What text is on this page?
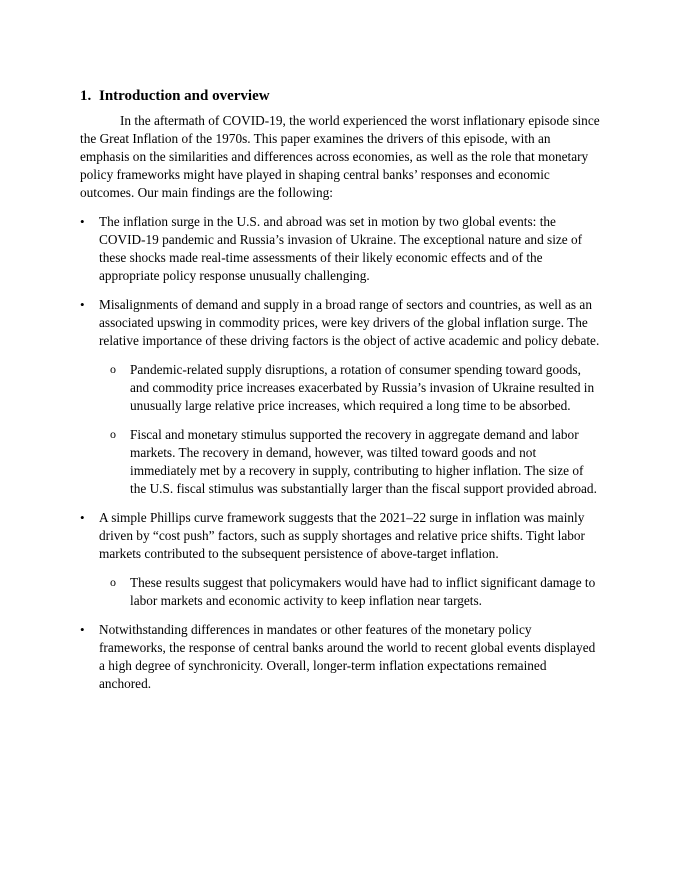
1. Introduction and overview

In the aftermath of COVID-19, the world experienced the worst inflationary episode since the Great Inflation of the 1970s. This paper examines the drivers of this episode, with an emphasis on the similarities and differences across economies, as well as the role that monetary policy frameworks might have played in shaping central banks’ responses and economic outcomes. Our main findings are the following:

• The inflation surge in the U.S. and abroad was set in motion by two global events: the COVID-19 pandemic and Russia’s invasion of Ukraine. The exceptional nature and size of these shocks made real-time assessments of their likely economic effects and of the appropriate policy response unusually challenging.
• Misalignments of demand and supply in a broad range of sectors and countries, as well as an associated upswing in commodity prices, were key drivers of the global inflation surge. The relative importance of these driving factors is the object of active academic and policy debate.
o Pandemic-related supply disruptions, a rotation of consumer spending toward goods, and commodity price increases exacerbated by Russia’s invasion of Ukraine resulted in unusually large relative price increases, which required a long time to be absorbed.
o Fiscal and monetary stimulus supported the recovery in aggregate demand and labor markets. The recovery in demand, however, was tilted toward goods and not immediately met by a recovery in supply, contributing to higher inflation. The size of the U.S. fiscal stimulus was substantially larger than the fiscal support provided abroad.
• A simple Phillips curve framework suggests that the 2021–22 surge in inflation was mainly driven by “cost push” factors, such as supply shortages and relative price shifts. Tight labor markets contributed to the subsequent persistence of above-target inflation.
o These results suggest that policymakers would have had to inflict significant damage to labor markets and economic activity to keep inflation near targets.
• Notwithstanding differences in mandates or other features of the monetary policy frameworks, the response of central banks around the world to recent global events displayed a high degree of synchronicity. Overall, longer-term inflation expectations remained anchored.
